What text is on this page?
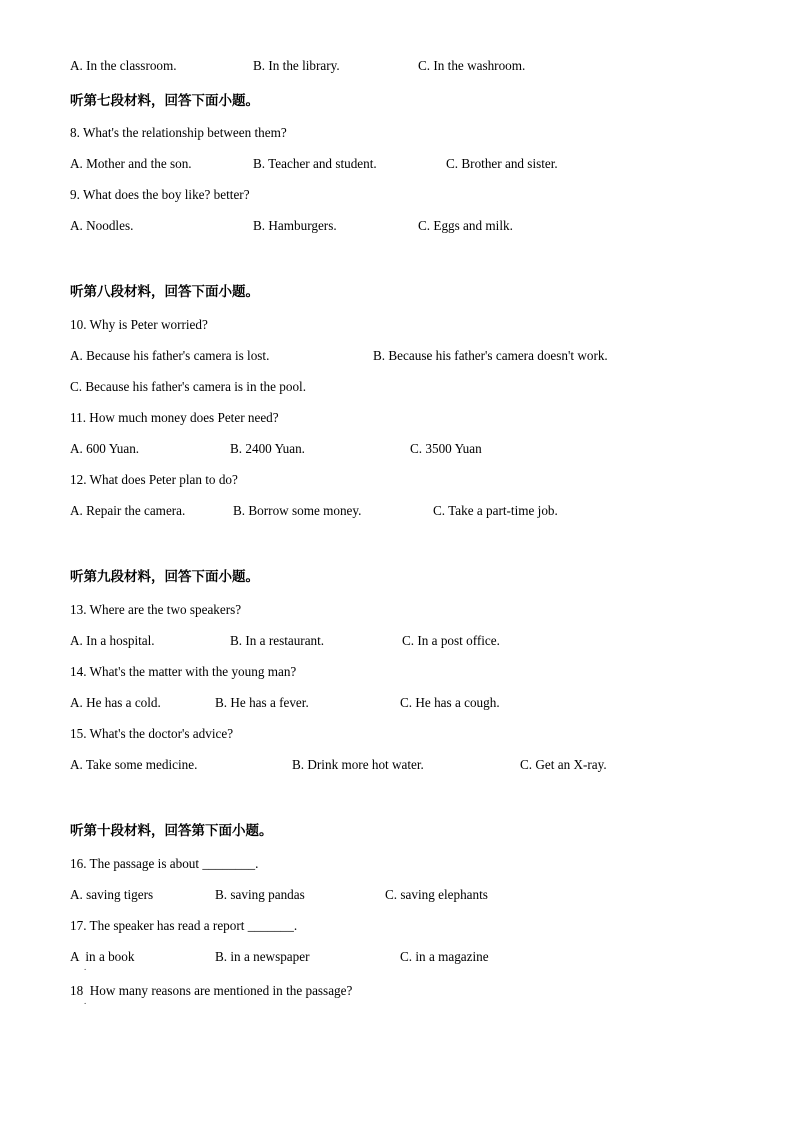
A. In the classroom.	B. In the library.	C. In the washroom.
听第七段材料，回答下面小题。
8. What's the relationship between them?
A. Mother and the son.	B. Teacher and student.	C. Brother and sister.
9. What does the boy like? better?
A. Noodles.	B. Hamburgers.	C. Eggs and milk.
听第八段材料，回答下面小题。
10. Why is Peter worried?
A. Because his father's camera is lost.	B. Because his father's camera doesn't work.
C. Because his father's camera is in the pool.
11. How much money does Peter need?
A. 600 Yuan.	B. 2400 Yuan.	C. 3500 Yuan
12. What does Peter plan to do?
A. Repair the camera.	B. Borrow some money.	C. Take a part-time job.
听第九段材料，回答下面小题。
13. Where are the two speakers?
A. In a hospital.	B. In a restaurant.	C. In a post office.
14. What's the matter with the young man?
A. He has a cold.	B. He has a fever.	C. He has a cough.
15. What's the doctor's advice?
A. Take some medicine.	B. Drink more hot water.	C. Get an X-ray.
听第十段材料，回答第下面小题。
16. The passage is about ________.
A. saving tigers	B. saving pandas	C. saving elephants
17. The speaker has read a report _______.
A  in a book	B. in a newspaper	C. in a magazine
.
18  How many reasons are mentioned in the passage?
.
